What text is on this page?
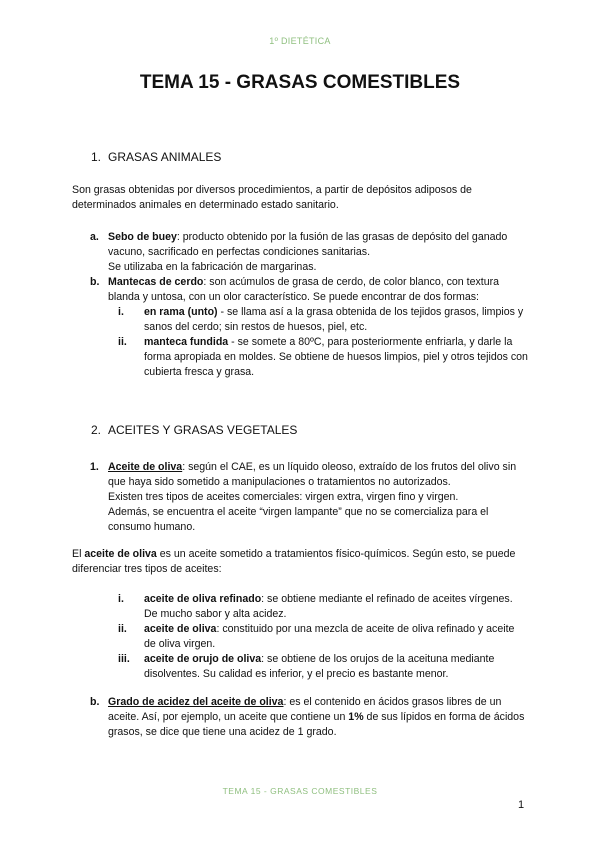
1º DIETÉTICA
TEMA 15 - GRASAS COMESTIBLES
1. GRASAS ANIMALES

Son grasas obtenidas por diversos procedimientos, a partir de depósitos adiposos de determinados animales en determinado estado sanitario.

a. Sebo de buey: producto obtenido por la fusión de las grasas de depósito del ganado vacuno, sacrificado en perfectas condiciones sanitarias.
Se utilizaba en la fabricación de margarinas.

b. Mantecas de cerdo: son acúmulos de grasa de cerdo, de color blanco, con textura blanda y untosa, con un olor característico. Se puede encontrar de dos formas:

i. en rama (unto) - se llama así a la grasa obtenida de los tejidos grasos, limpios y sanos del cerdo; sin restos de huesos, piel, etc.

ii. manteca fundida - se somete a 80ºC, para posteriormente enfriarla, y darle la forma apropiada en moldes. Se obtiene de huesos limpios, piel y otros tejidos con cubierta fresca y grasa.

2. ACEITES Y GRASAS VEGETALES
1. Aceite de oliva: según el CAE, es un líquido oleoso, extraído de los frutos del olivo sin que haya sido sometido a manipulaciones o tratamientos no autorizados.
Existen tres tipos de aceites comerciales: virgen extra, virgen fino y virgen.
Además, se encuentra el aceite “virgen lampante” que no se comercializa para el consumo humano.

El aceite de oliva es un aceite sometido a tratamientos físico-químicos. Según esto, se puede diferenciar tres tipos de aceites:

i. aceite de oliva refinado: se obtiene mediante el refinado de aceites vírgenes. De mucho sabor y alta acidez.

ii. aceite de oliva: constituido por una mezcla de aceite de oliva refinado y aceite de oliva virgen.

iii. aceite de orujo de oliva: se obtiene de los orujos de la aceituna mediante disolventes. Su calidad es inferior, y el precio es bastante menor.

b. Grado de acidez del aceite de oliva: es el contenido en ácidos grasos libres de un aceite. Así, por ejemplo, un aceite que contiene un 1% de sus lípidos en forma de ácidos grasos, se dice que tiene una acidez de 1 grado.

TEMA 15 - GRASAS COMESTIBLES
1
